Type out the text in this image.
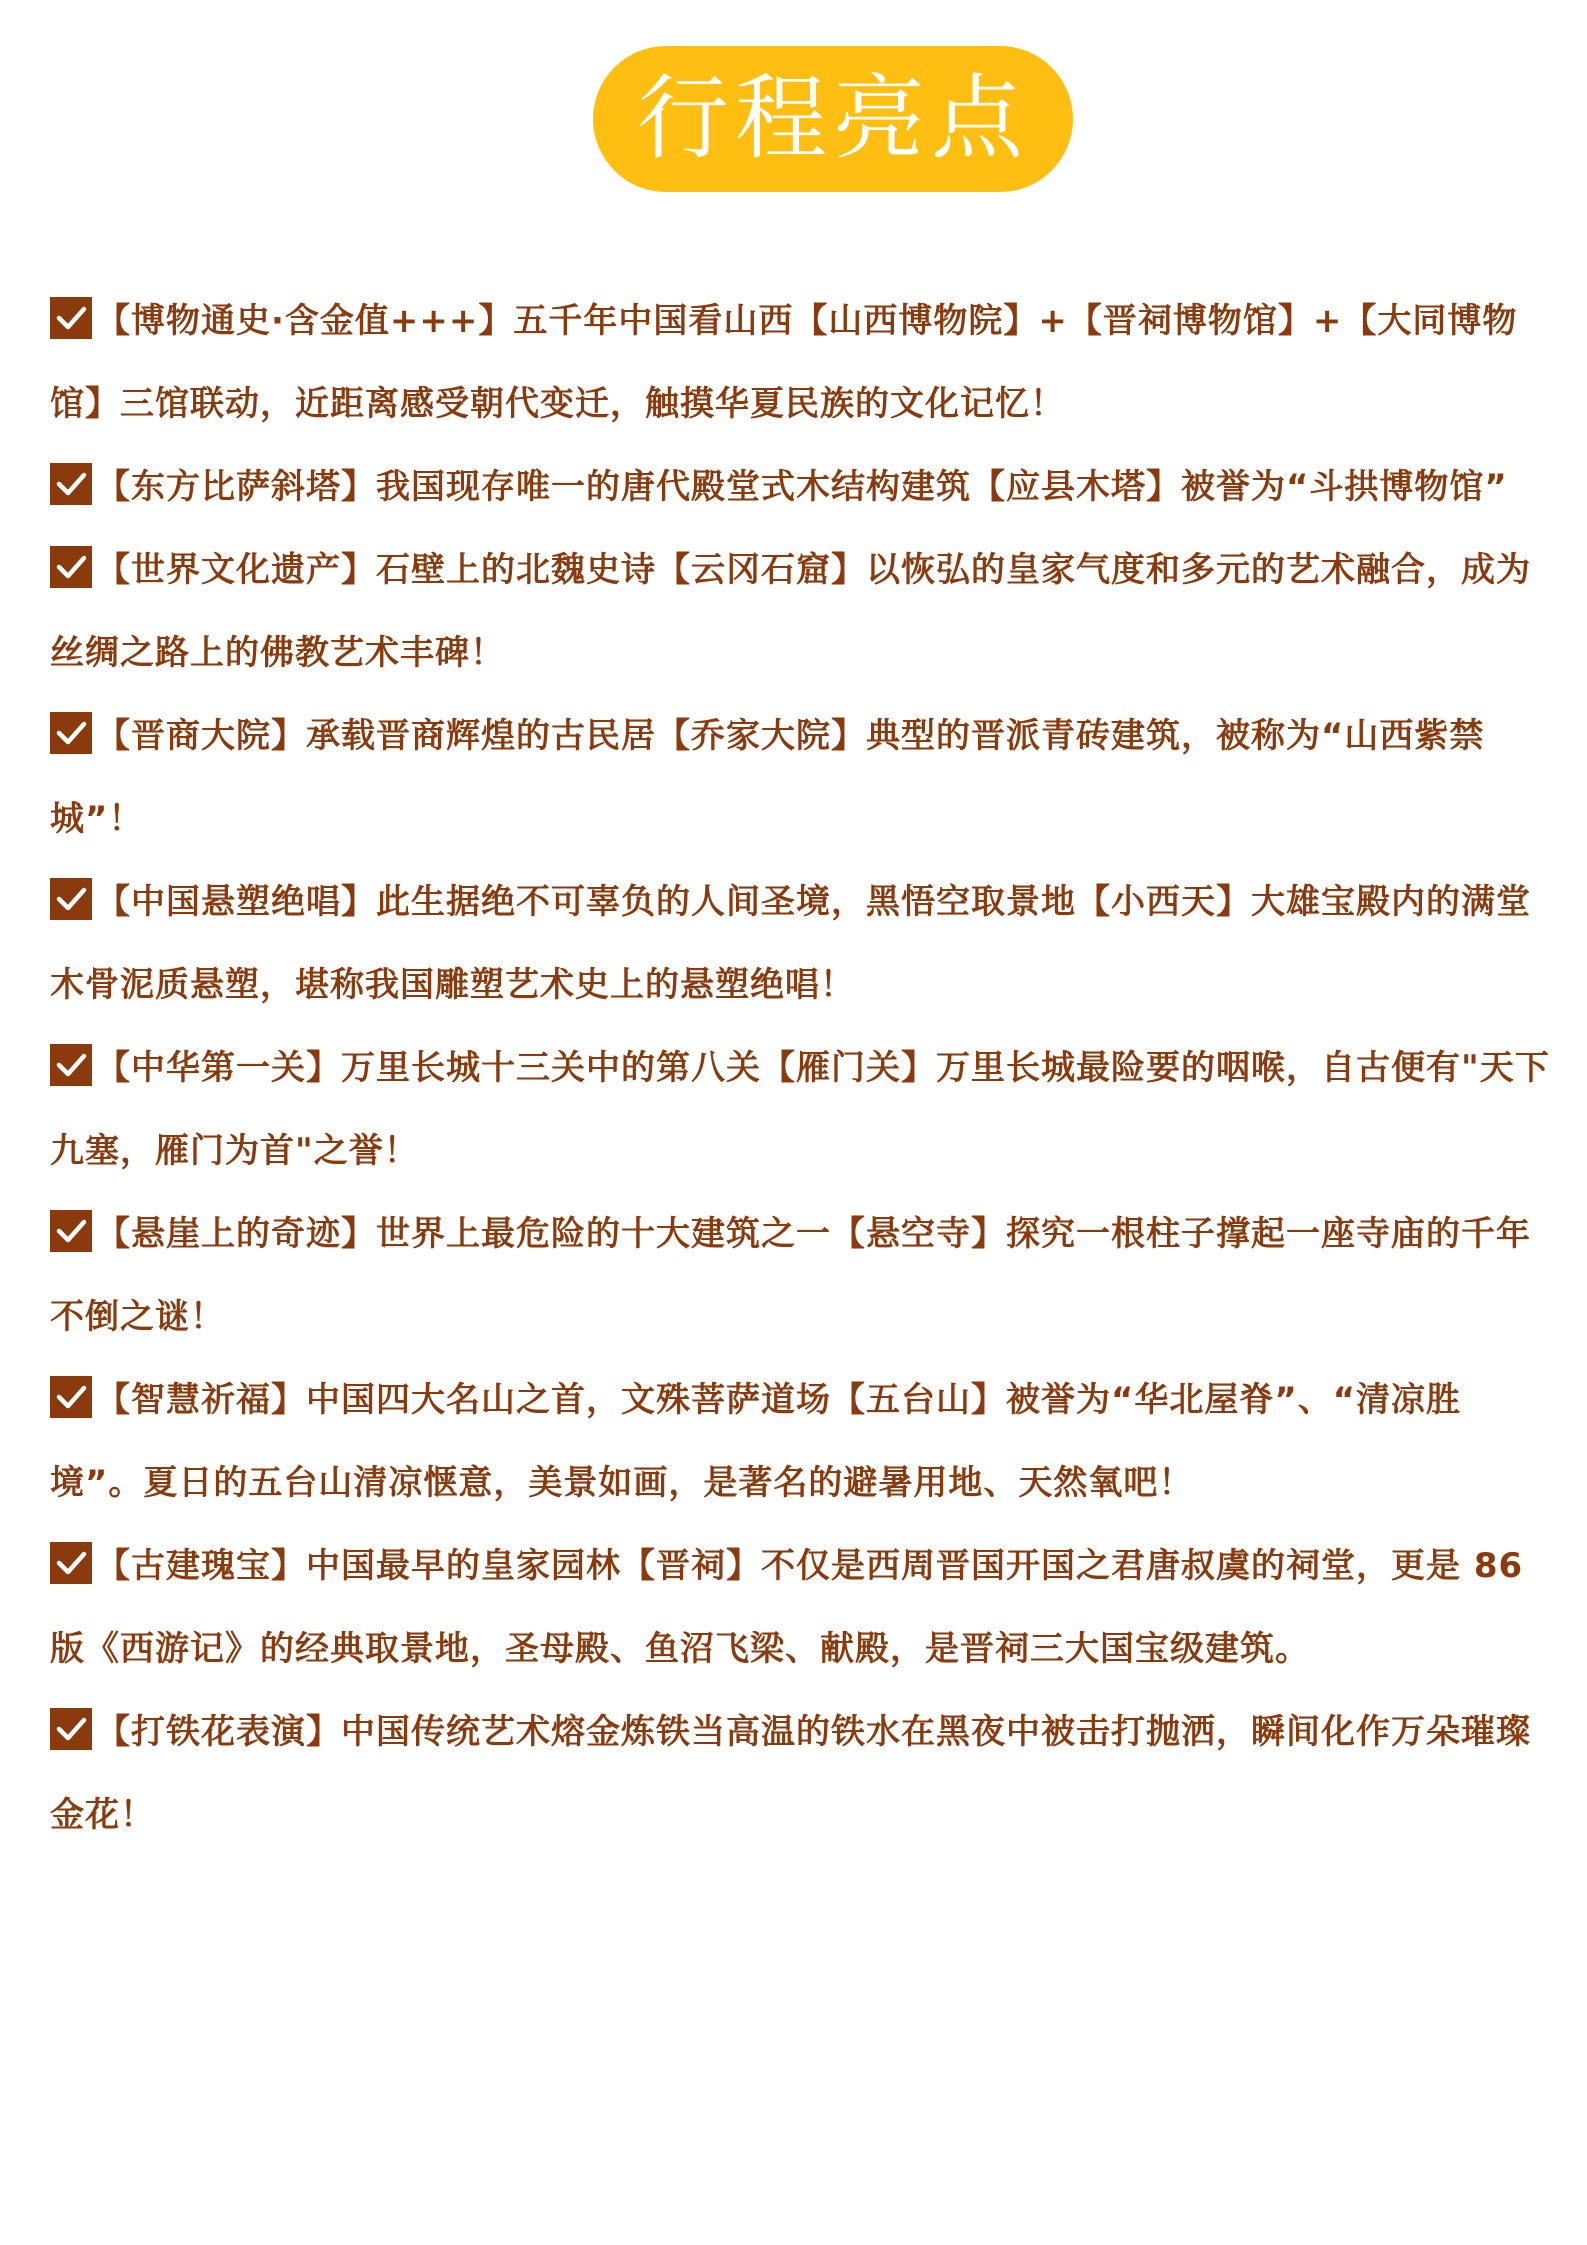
行程亮点
【博物通史·含金值+++】五千年中国看山西【山西博物院】+【晋祠博物馆】+【大同博物馆】三馆联动，近距离感受朝代变迁，触摸华夏民族的文化记忆！
【东方比萨斜塔】我国现存唯一的唐代殿堂式木结构建筑【应县木塔】被誉为“斗拱博物馆”
【世界文化遗产】石壁上的北魏史诗【云冈石窟】以恢弘的皇家气度和多元的艺术融合，成为丝绸之路上的佛教艺术丰碑！
【晋商大院】承载晋商辉煌的古民居【乔家大院】典型的晋派青砖建筑，被称为“山西紫禁城”！
【中国悬塑绝唱】此生据绝不可辜负的人间圣境，黑悟空取景地【小西天】大雄宝殿内的满堂木骨泥质悬塑，堪称我国雕塑艺术史上的悬塑绝唱！
【中华第一关】万里长城十三关中的第八关【雁门关】万里长城最险要的咽喉，自古便有"天下九塞，雁门为首"之誉！
【悬崖上的奇迹】世界上最危险的十大建筑之一【悬空寺】探究一根柱子撑起一座寺庙的千年不倒之谜！
【智慧祈福】中国四大名山之首，文殊菩萨道场【五台山】被誉为“华北屋脊”、“清凉胜境”。夏日的五台山清凉惬意，美景如画，是著名的避暑用地、天然氧吧！
【古建瑰宝】中国最早的皇家园林【晋祠】不仅是西周晋国开国之君唐叔虞的祠堂，更是 86 版《西游记》的经典取景地，圣母殿、鱼沼飞梁、献殿，是晋祠三大国宝级建筑。
【打铁花表演】中国传统艺术熔金炼铁当高温的铁水在黑夜中被击打抛洒，瞬间化作万朵璀璨金花！
